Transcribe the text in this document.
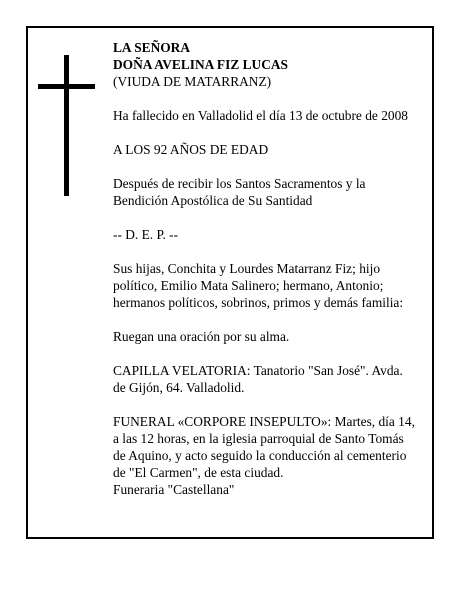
LA SEÑORA
DOÑA AVELINA FIZ LUCAS
(VIUDA DE MATARRANZ)
Ha fallecido en Valladolid el día 13 de octubre de 2008
A LOS 92 AÑOS DE EDAD
Después de recibir los Santos Sacramentos y la
Bendición Apostólica de Su Santidad
-- D. E. P. --
Sus hijas, Conchita y Lourdes Matarranz Fiz; hijo
político, Emilio Mata Salinero; hermano, Antonio;
hermanos políticos, sobrinos, primos y demás familia:
Ruegan una oración por su alma.
CAPILLA VELATORIA: Tanatorio "San José". Avda.
de Gijón, 64. Valladolid.
FUNERAL «CORPORE INSEPULTO»: Martes, día 14,
a las 12 horas, en la iglesia parroquial de Santo Tomás
de Aquino, y acto seguido la conducción al cementerio
de "El Carmen", de esta ciudad.
Funeraria "Castellana"
